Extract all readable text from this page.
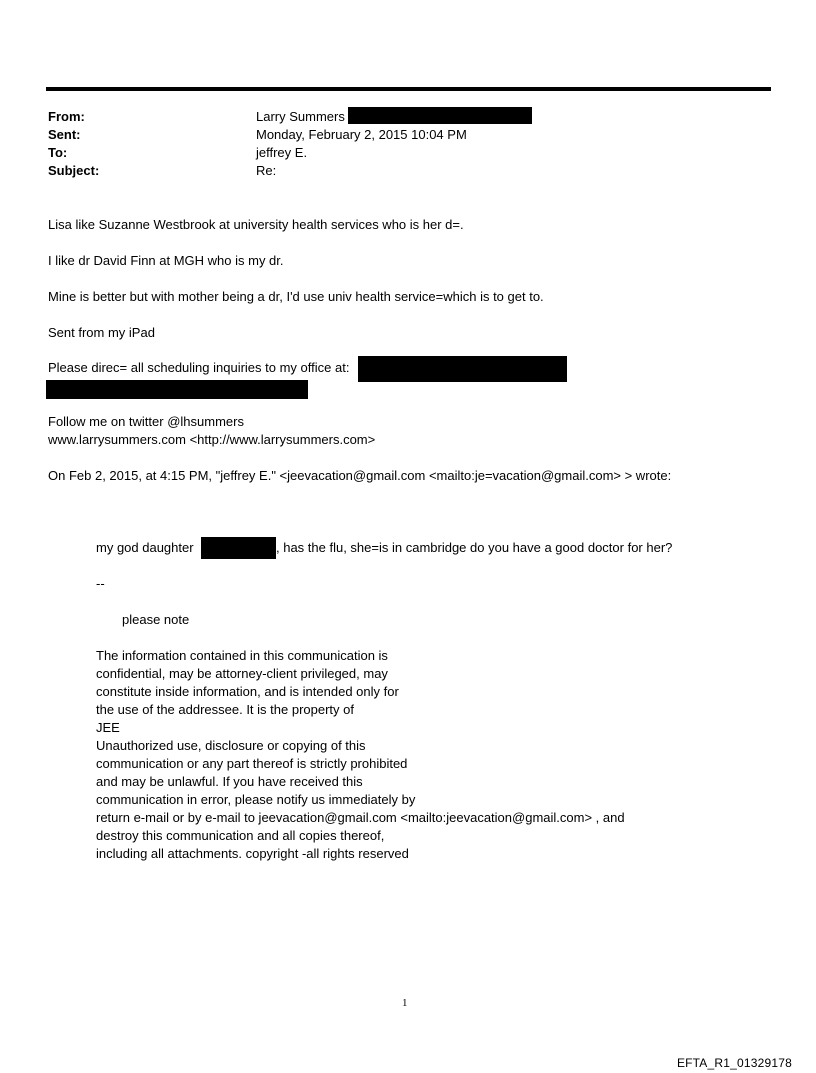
From:	Larry Summers
Sent:	Monday, February 2, 2015 10:04 PM
To:	jeffrey E.
Subject:	Re:
Lisa like Suzanne Westbrook at university health services who is her d=.
I like dr David Finn at MGH who is my dr.
Mine is better but with mother being a dr, I'd use univ health service=which is to get to.
Sent from my iPad
Please direc= all scheduling inquiries to my office at:
Follow me on twitter @lhsummers
www.larrysummers.com <http://www.larrysummers.com>
On Feb 2, 2015, at 4:15 PM, "jeffrey E." <jeevacation@gmail.com <mailto:je=vacation@gmail.com> > wrote:
my god daughter	, has the flu, she=is in cambridge do you have a good doctor for her?
--
please note
The information contained in this communication is
confidential, may be attorney-client privileged, may
constitute inside information, and is intended only for
the use of the addressee. It is the property of
JEE
Unauthorized use, disclosure or copying of this
communication or any part thereof is strictly prohibited
and may be unlawful. If you have received this
communication in error, please notify us immediately by
return e-mail or by e-mail to jeevacation@gmail.com <mailto:jeevacation@gmail.com> , and
destroy this communication and all copies thereof,
including all attachments. copyright -all rights reserved
1
EFTA_R1_01329178
